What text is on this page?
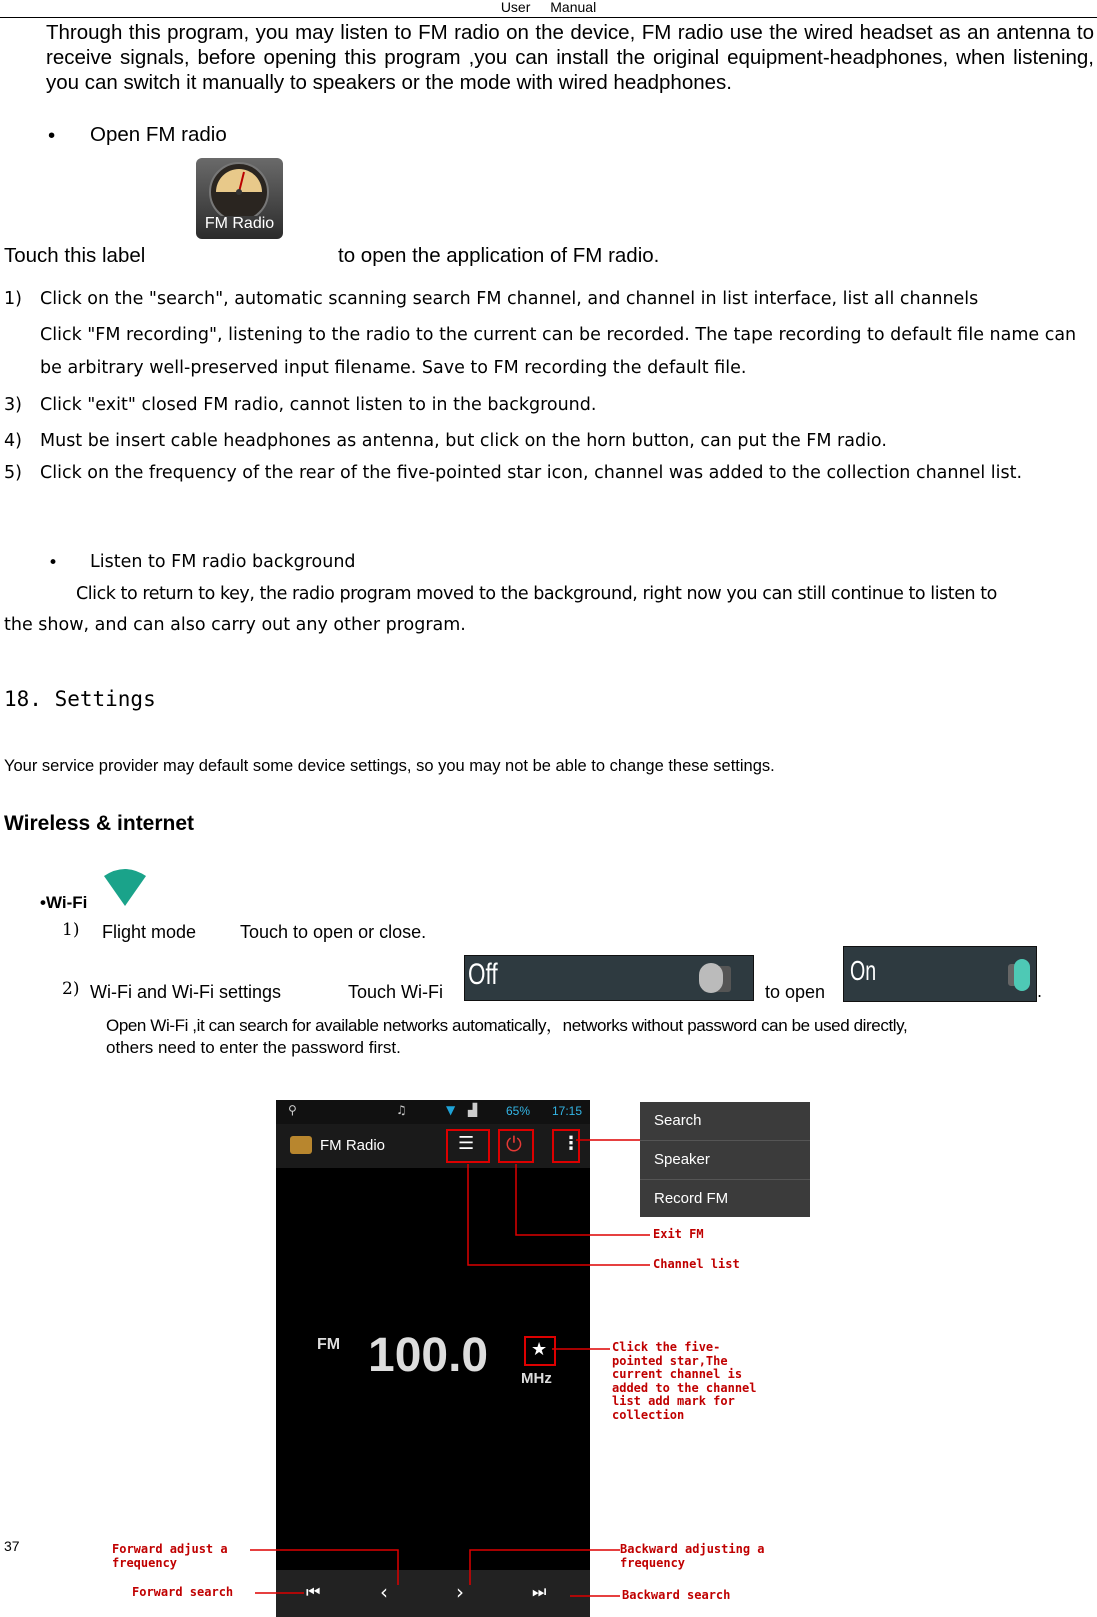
User Manual
Through this program, you may listen to FM radio on the device, FM radio use the wired headset as an antenna to receive signals, before opening this program ,you can install the original equipment-headphones, when listening, you can switch it manually to speakers or the mode with wired headphones.
• Open FM radio
Touch this label
FM Radio
to open the application of FM radio.
1) Click on the "search", automatic scanning search FM channel, and channel in list interface, list all channels
Click "FM recording", listening to the radio to the current can be recorded. The tape recording to default file name can be arbitrary well-preserved input filename. Save to FM recording the default file.
3) Click "exit" closed FM radio, cannot listen to in the background.
4) Must be insert cable headphones as antenna, but click on the horn button, can put the FM radio.
5) Click on the frequency of the rear of the five-pointed star icon, channel was added to the collection channel list.
• Listen to FM radio background
Click to return to key, the radio program moved to the background, right now you can still continue to listen to
the show, and can also carry out any other program.
18. Settings
Your service provider may default some device settings, so you may not be able to change these settings.
Wireless & internet
•Wi-Fi
1) Flight mode Touch to open or close.
2) Wi-Fi and Wi-Fi settings	Touch Wi-Fi
Off
to open
On
.
Open Wi-Fi ,it can search for available networks automatically，networks without password can be used directly,
others need to enter the password first.
⚲	♫	▼ ▟ 65% 17:15
FM Radio	☰ ⏻ ⋮
FM 100.0 ★
MHz
⏮	‹	›	⏭
Search
Speaker
Record FM
Exit FM
Channel list
Click the five-
pointed star,The
current channel is
added to the channel
list add mark for
collection
Forward adjust a
frequency
Forward search
Backward adjusting a
frequency
Backward search
37
